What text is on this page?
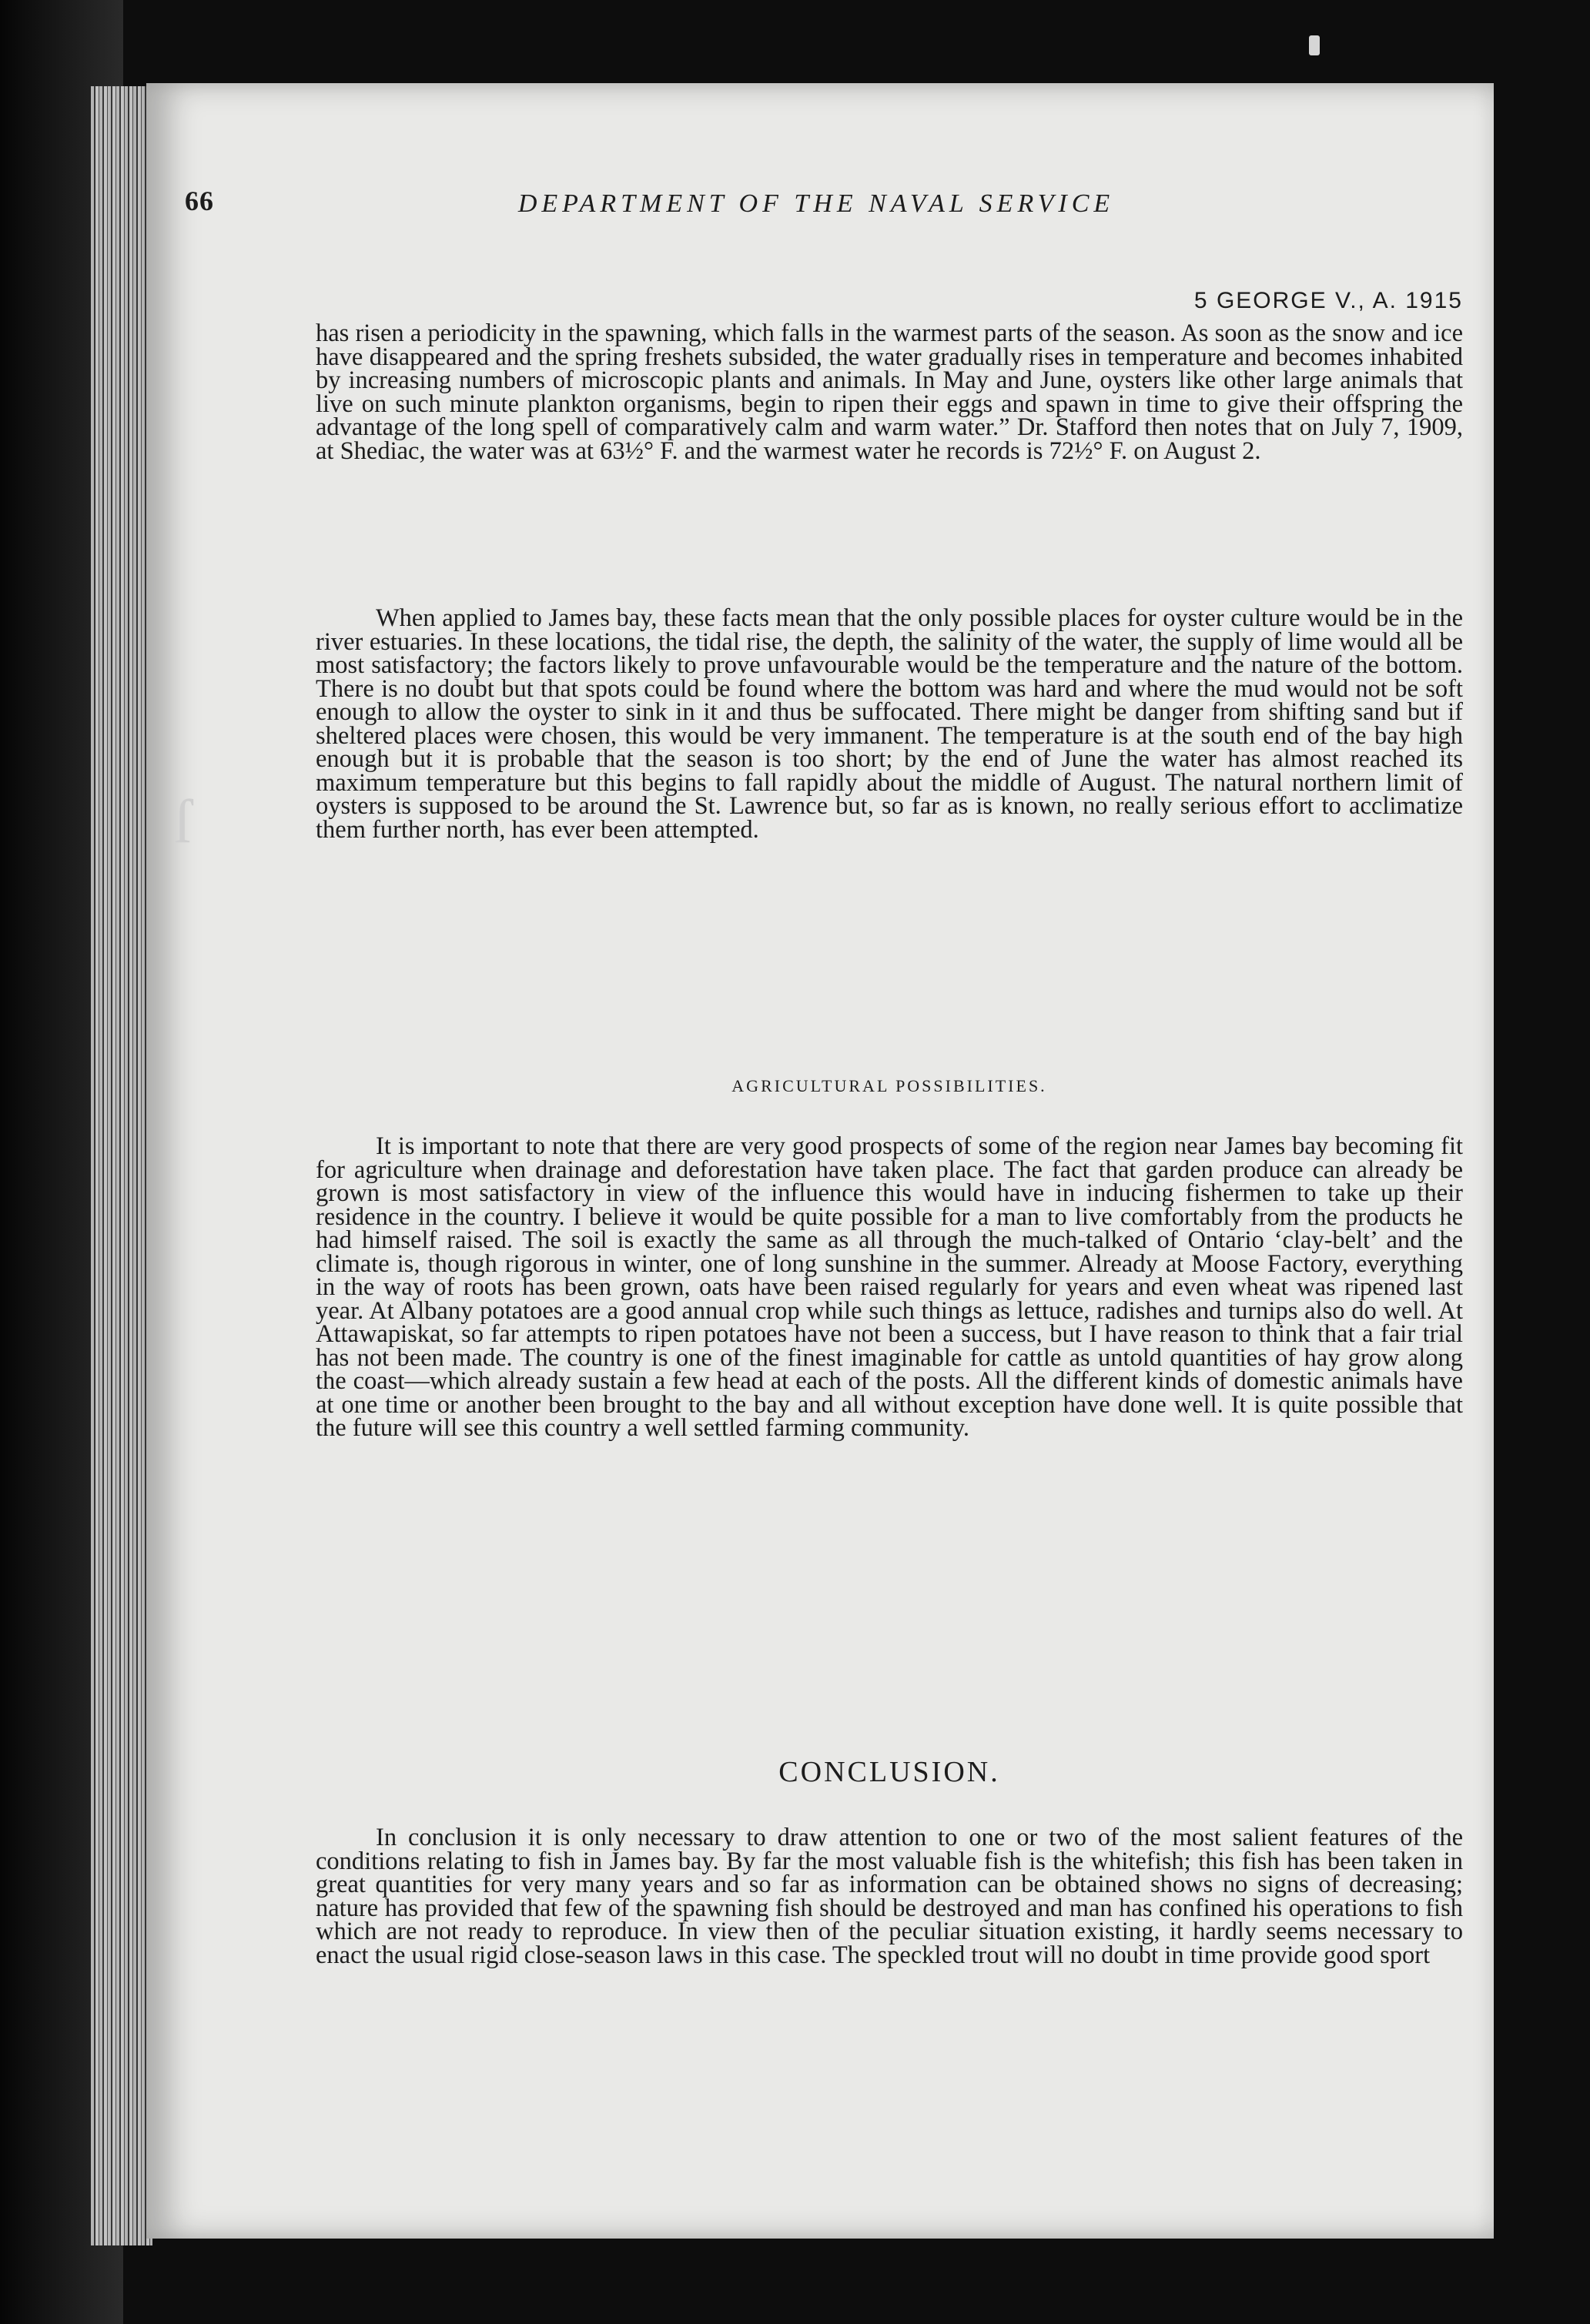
ſ
66	DEPARTMENT OF THE NAVAL SERVICE
5 GEORGE V., A. 1915

has risen a periodicity in the spawning, which falls in the warmest parts of the season. As soon as the snow and ice have disappeared and the spring freshets subsided, the water gradually rises in temperature and becomes inhabited by increasing numbers of microscopic plants and animals. In May and June, oysters like other large animals that live on such minute plankton organisms, begin to ripen their eggs and spawn in time to give their offspring the advantage of the long spell of comparatively calm and warm water.” Dr. Stafford then notes that on July 7, 1909, at Shediac, the water was at 63½° F. and the warmest water he records is 72½° F. on August 2.

When applied to James bay, these facts mean that the only possible places for oyster culture would be in the river estuaries. In these locations, the tidal rise, the depth, the salinity of the water, the supply of lime would all be most satisfactory; the factors likely to prove unfavourable would be the temperature and the nature of the bottom. There is no doubt but that spots could be found where the bottom was hard and where the mud would not be soft enough to allow the oyster to sink in it and thus be suffocated. There might be danger from shifting sand but if sheltered places were chosen, this would be very immanent. The temperature is at the south end of the bay high enough but it is probable that the season is too short; by the end of June the water has almost reached its maximum temperature but this begins to fall rapidly about the middle of August. The natural northern limit of oysters is supposed to be around the St. Lawrence but, so far as is known, no really serious effort to acclimatize them further north, has ever been attempted.

AGRICULTURAL POSSIBILITIES.

It is important to note that there are very good prospects of some of the region near James bay becoming fit for agriculture when drainage and deforestation have taken place. The fact that garden produce can already be grown is most satisfactory in view of the influence this would have in inducing fishermen to take up their residence in the country. I believe it would be quite possible for a man to live comfortably from the products he had himself raised. The soil is exactly the same as all through the much-talked of Ontario ‘clay-belt’ and the climate is, though rigorous in winter, one of long sunshine in the summer. Already at Moose Factory, everything in the way of roots has been grown, oats have been raised regularly for years and even wheat was ripened last year. At Albany potatoes are a good annual crop while such things as lettuce, radishes and turnips also do well. At Attawapiskat, so far attempts to ripen potatoes have not been a success, but I have reason to think that a fair trial has not been made. The country is one of the finest imaginable for cattle as untold quantities of hay grow along the coast—which already sustain a few head at each of the posts. All the different kinds of domestic animals have at one time or another been brought to the bay and all without exception have done well. It is quite possible that the future will see this country a well settled farming community.

CONCLUSION.

In conclusion it is only necessary to draw attention to one or two of the most salient features of the conditions relating to fish in James bay. By far the most valuable fish is the whitefish; this fish has been taken in great quantities for very many years and so far as information can be obtained shows no signs of decreasing; nature has provided that few of the spawning fish should be destroyed and man has confined his operations to fish which are not ready to reproduce. In view then of the peculiar situation existing, it hardly seems necessary to enact the usual rigid close-season laws in this case. The speckled trout will no doubt in time provide good sport
